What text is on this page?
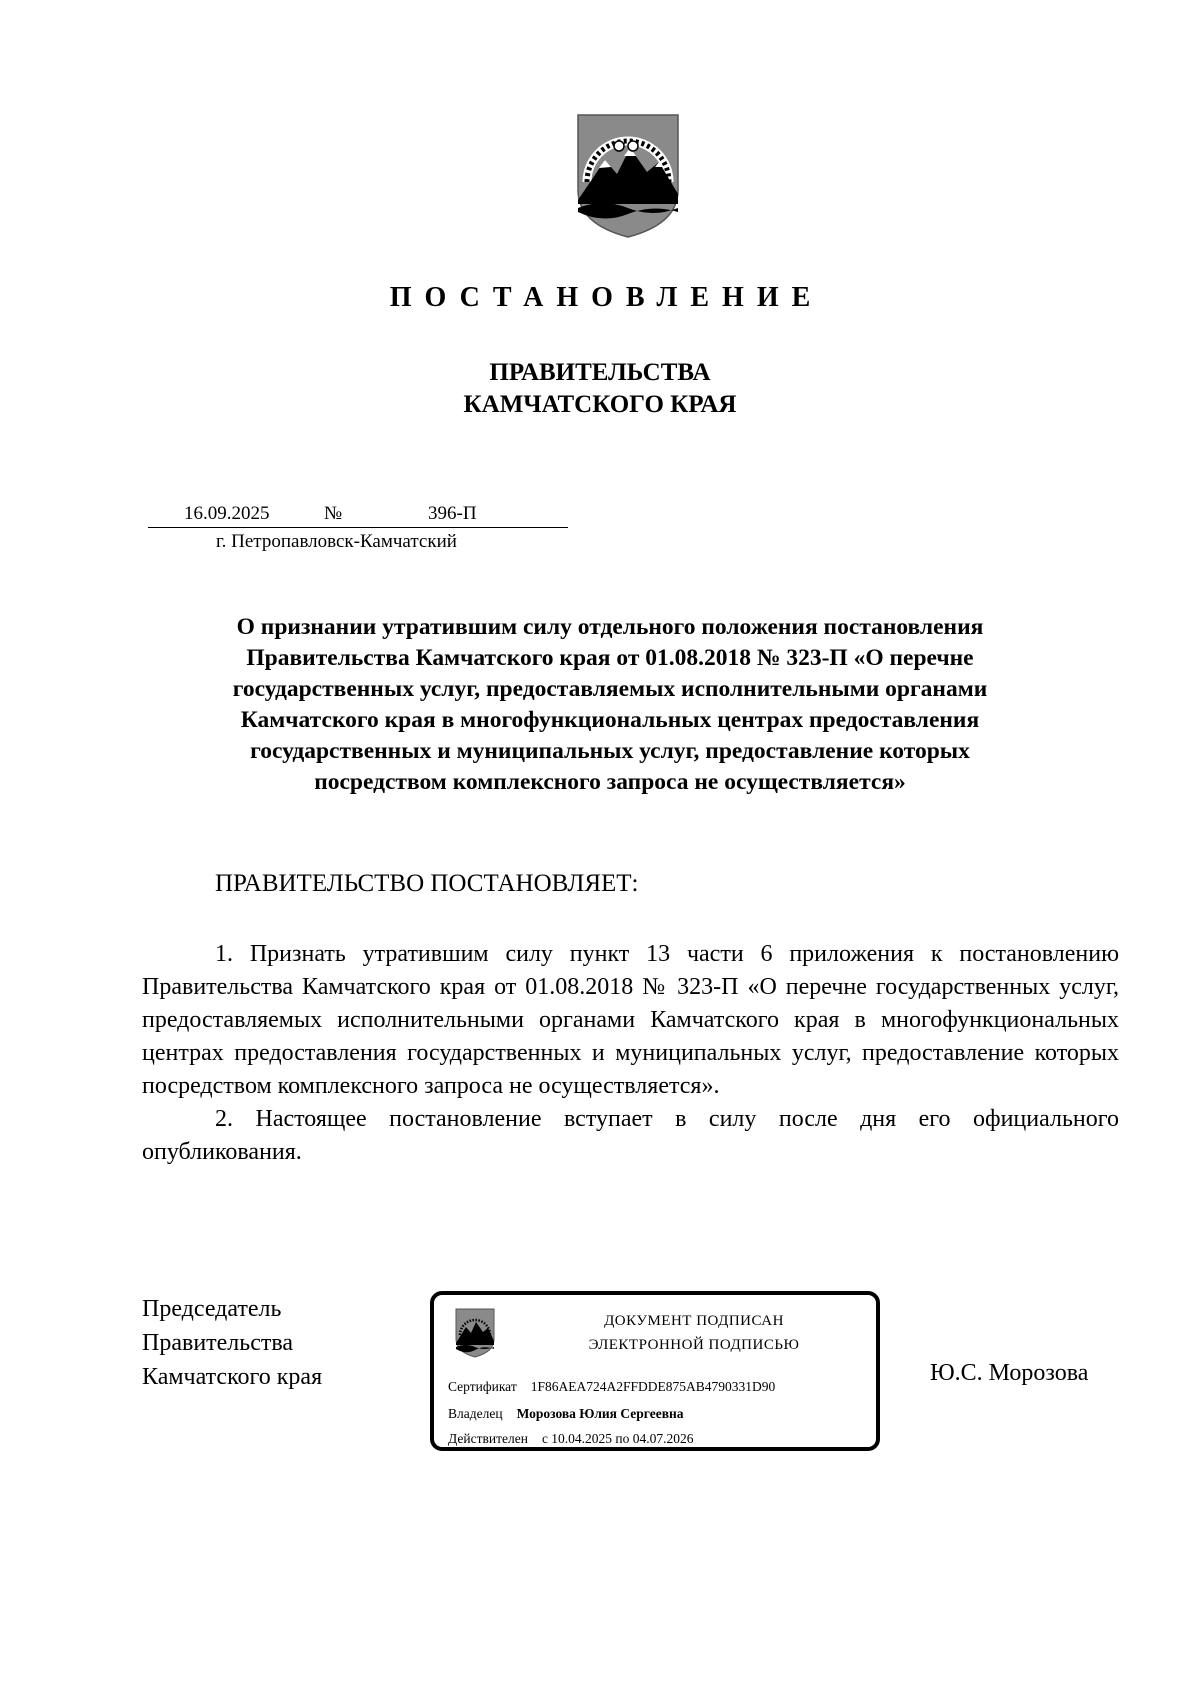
ПОСТАНОВЛЕНИЕ
ПРАВИТЕЛЬСТВА
КАМЧАТСКОГО КРАЯ
16.09.2025	№	396-П
г. Петропавловск-Камчатский
О признании утратившим силу отдельного положения постановления
Правительства Камчатского края от 01.08.2018 № 323-П «О перечне
государственных услуг, предоставляемых исполнительными органами
Камчатского края в многофункциональных центрах предоставления
государственных и муниципальных услуг, предоставление которых
посредством комплексного запроса не осуществляется»
ПРАВИТЕЛЬСТВО ПОСТАНОВЛЯЕТ:

1. Признать утратившим силу пункт 13 части 6 приложения к постановлению Правительства Камчатского края от 01.08.2018 № 323-П «О перечне государственных услуг, предоставляемых исполнительными органами Камчатского края в многофункциональных центрах предоставления государственных и муниципальных услуг, предоставление которых посредством комплексного запроса не осуществляется».

2. Настоящее постановление вступает в силу после дня его официального опубликования.

Председатель
Правительства
Камчатского края
ДОКУМЕНТ ПОДПИСАН
ЭЛЕКТРОННОЙ ПОДПИСЬЮ
Сертификат 1F86AEA724A2FFDDE875AB4790331D90
Владелец Морозова Юлия Сергеевна
Действителен с 10.04.2025 по 04.07.2026
Ю.С. Морозова
